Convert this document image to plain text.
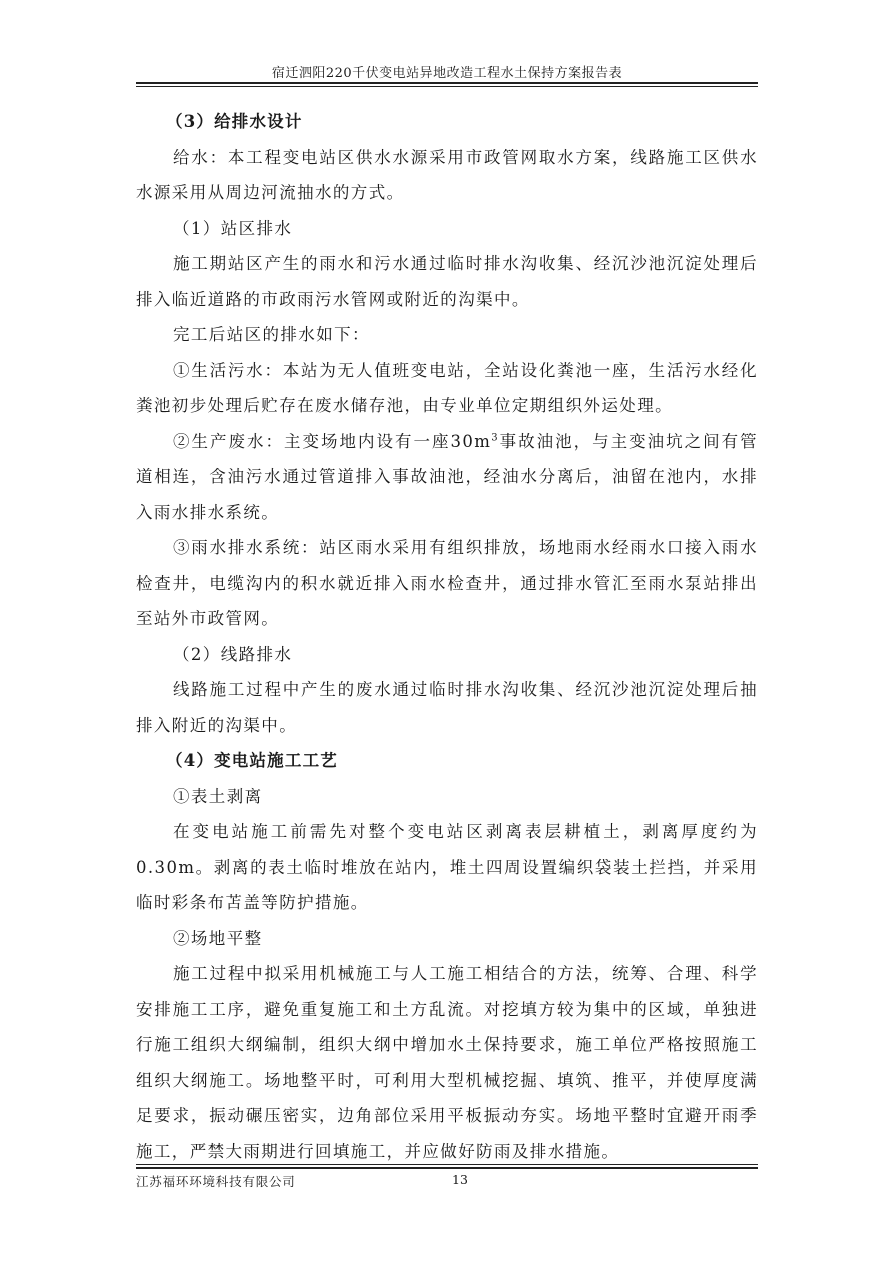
宿迁泗阳220千伏变电站异地改造工程水土保持方案报告表

（3）给排水设计

给水：本工程变电站区供水水源采用市政管网取水方案，线路施工区供水水源采用从周边河流抽水的方式。

（1）站区排水

施工期站区产生的雨水和污水通过临时排水沟收集、经沉沙池沉淀处理后排入临近道路的市政雨污水管网或附近的沟渠中。

完工后站区的排水如下：

①生活污水：本站为无人值班变电站，全站设化粪池一座，生活污水经化粪池初步处理后贮存在废水储存池，由专业单位定期组织外运处理。

②生产废水：主变场地内设有一座$30m^3$事故油池，与主变油坑之间有管道相连，含油污水通过管道排入事故油池，经油水分离后，油留在池内，水排入雨水排水系统。

③雨水排水系统：站区雨水采用有组织排放，场地雨水经雨水口接入雨水检查井，电缆沟内的积水就近排入雨水检查井，通过排水管汇至雨水泵站排出至站外市政管网。

（2）线路排水

线路施工过程中产生的废水通过临时排水沟收集、经沉沙池沉淀处理后抽排入附近的沟渠中。

（4）变电站施工工艺

①表土剥离

在变电站施工前需先对整个变电站区剥离表层耕植土，剥离厚度约为0.30m。剥离的表土临时堆放在站内，堆土四周设置编织袋装土拦挡，并采用临时彩条布苫盖等防护措施。

②场地平整

施工过程中拟采用机械施工与人工施工相结合的方法，统筹、合理、科学安排施工工序，避免重复施工和土方乱流。对挖填方较为集中的区域，单独进行施工组织大纲编制，组织大纲中增加水土保持要求，施工单位严格按照施工组织大纲施工。场地整平时，可利用大型机械挖掘、填筑、推平，并使厚度满足要求，振动碾压密实，边角部位采用平板振动夯实。场地平整时宜避开雨季施工，严禁大雨期进行回填施工，并应做好防雨及排水措施。

江苏福环环境科技有限公司	13
